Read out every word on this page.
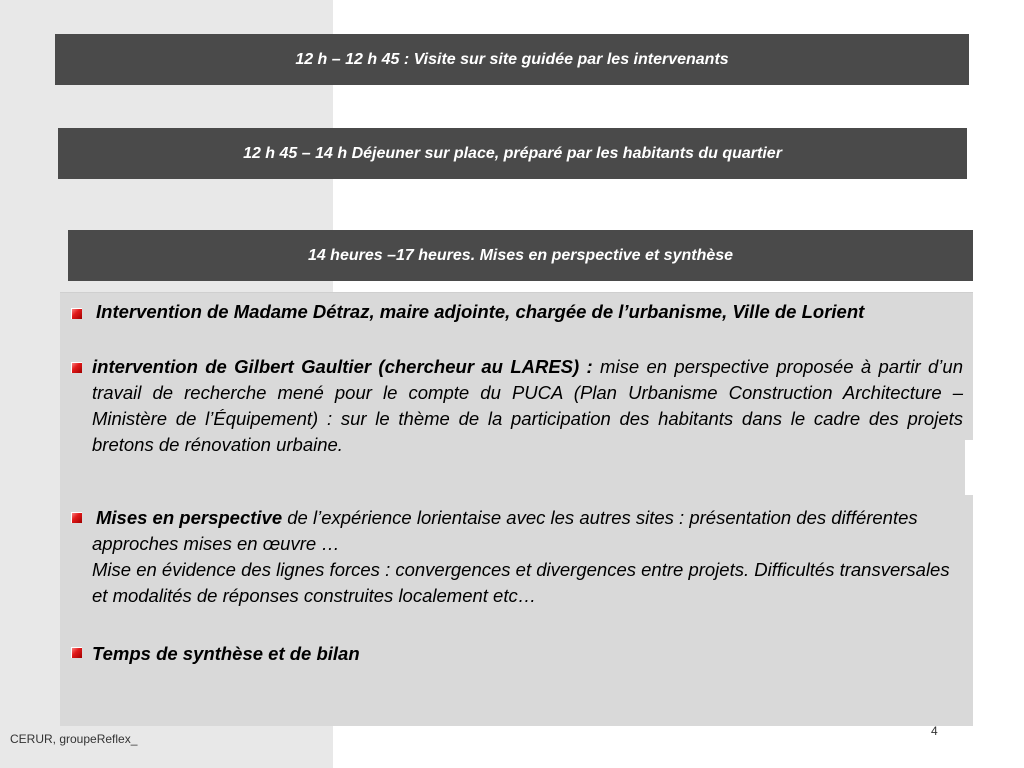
12 h – 12 h 45 : Visite sur site guidée par les intervenants
12 h 45 – 14 h Déjeuner sur place, préparé par les habitants du quartier
14 heures –17 heures. Mises en perspective et synthèse
Intervention de Madame Détraz, maire adjointe, chargée de l’urbanisme, Ville de Lorient
intervention de Gilbert Gaultier (chercheur au LARES) : mise en perspective proposée à partir d’un travail de recherche mené pour le compte du PUCA (Plan Urbanisme Construction Architecture – Ministère de l’Équipement) : sur le thème de la participation des habitants dans le cadre des projets bretons de rénovation urbaine.
Mises en perspective de l’expérience lorientaise avec les autres sites : présentation des différentes approches mises en œuvre …
Mise en évidence des lignes forces : convergences et divergences entre projets. Difficultés transversales et modalités de réponses construites localement etc…
Temps de synthèse et de bilan
CERUR, groupeReflex_
4
